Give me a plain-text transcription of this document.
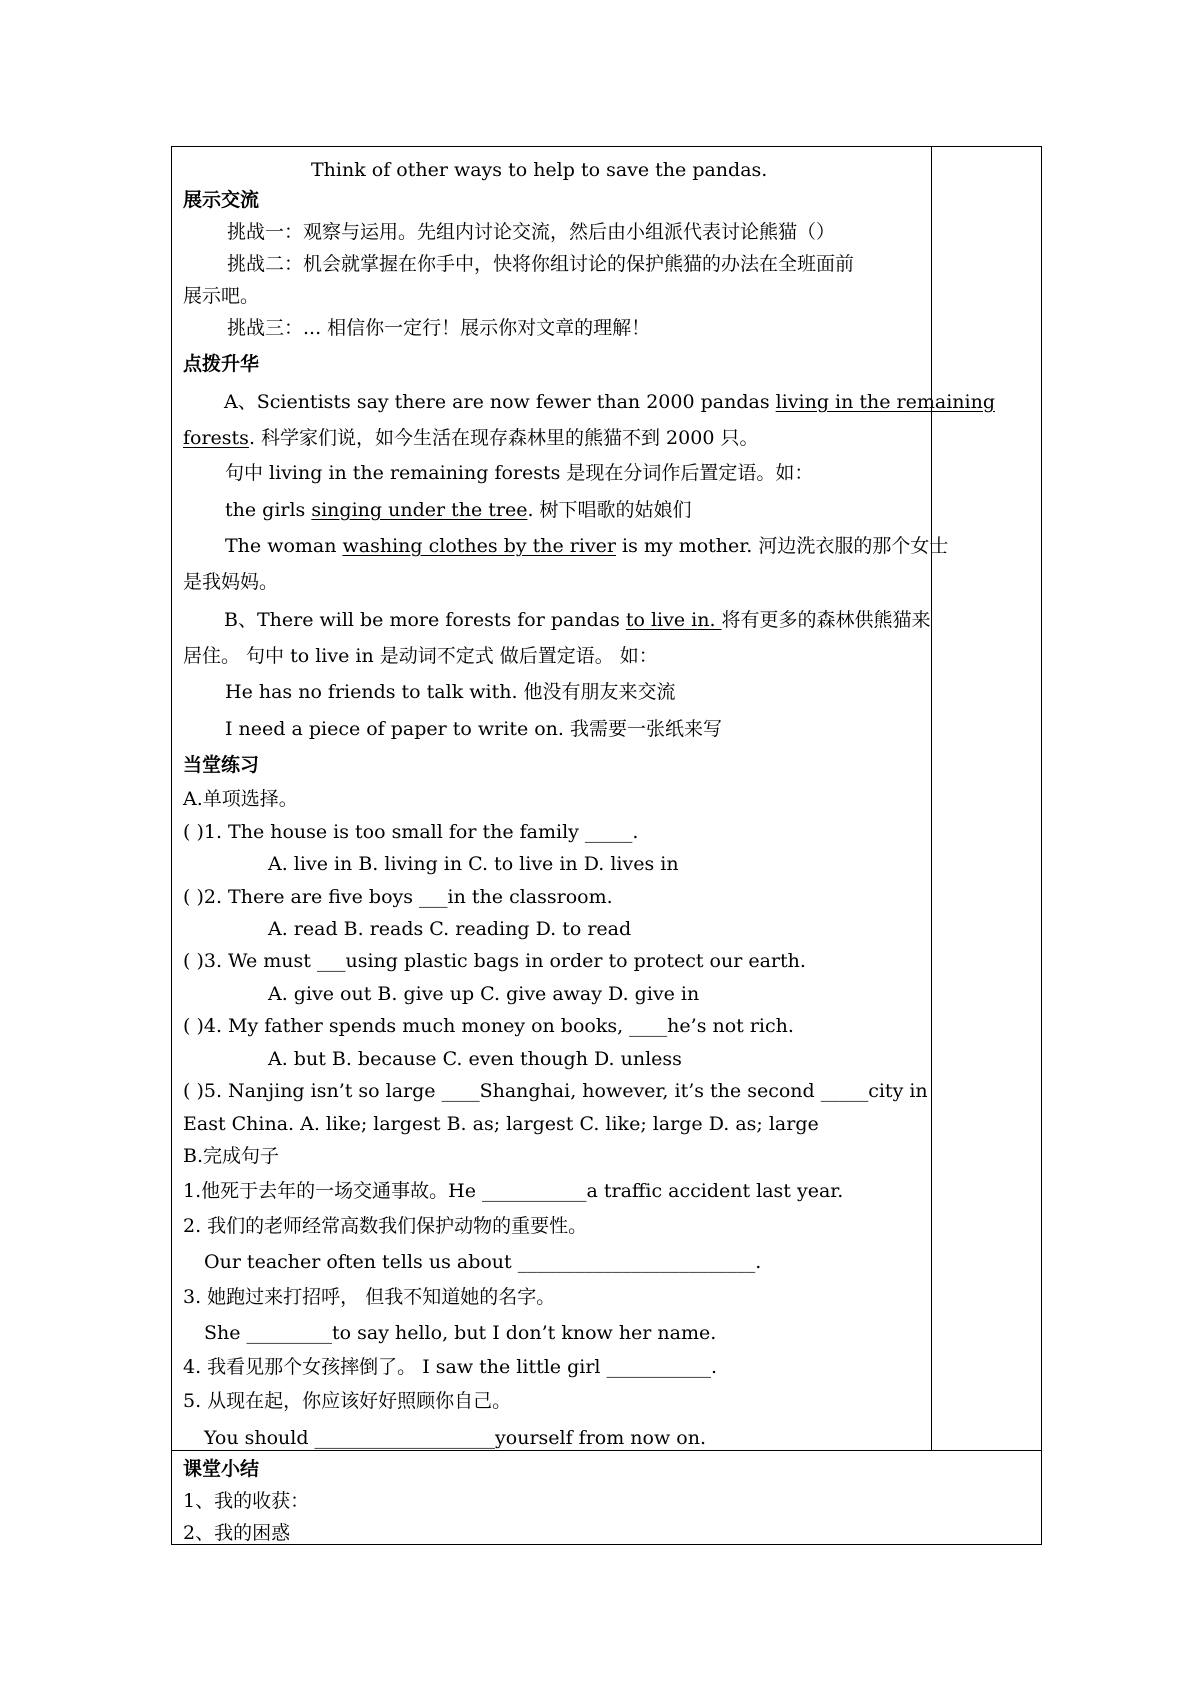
Think of other ways to help to save the pandas.
展示交流
挑战一：观察与运用。先组内讨论交流，然后由小组派代表讨论熊猫（）
挑战二：机会就掌握在你手中，快将你组讨论的保护熊猫的办法在全班面前
展示吧。
挑战三：... 相信你一定行！展示你对文章的理解！
点拨升华
A、Scientists say there are now fewer than 2000 pandas living in the remaining
forests. 科学家们说，如今生活在现存森林里的熊猫不到 2000 只。
句中 living in the remaining forests 是现在分词作后置定语。如：
the girls singing under the tree. 树下唱歌的姑娘们
The woman washing clothes by the river is my mother. 河边洗衣服的那个女士
是我妈妈。
B、There will be more forests for pandas to live in. 将有更多的森林供熊猫来
居住。 句中 to live in 是动词不定式 做后置定语。 如：
He has no friends to talk with. 他没有朋友来交流
I need a piece of paper to write on. 我需要一张纸来写
当堂练习
A.单项选择。
( )1. The house is too small for the family _____.
A. live in B. living in C. to live in D. lives in
( )2. There are five boys ___in the classroom.
A. read B. reads C. reading D. to read
( )3. We must ___using plastic bags in order to protect our earth.
A. give out B. give up C. give away D. give in
( )4. My father spends much money on books, ____he’s not rich.
A. but B. because C. even though D. unless
( )5. Nanjing isn’t so large ____Shanghai, however, it’s the second _____city in
East China. A. like; largest B. as; largest C. like; large D. as; large
B.完成句子
1.他死于去年的一场交通事故。He ___________a traffic accident last year.
2. 我们的老师经常高数我们保护动物的重要性。
Our teacher often tells us about _________________________.
3. 她跑过来打招呼， 但我不知道她的名字。
She _________to say hello, but I don’t know her name.
4. 我看见那个女孩摔倒了。 I saw the little girl ___________.
5. 从现在起，你应该好好照顾你自己。
You should ___________________yourself from now on.
课堂小结
1、我的收获：
2、我的困惑
